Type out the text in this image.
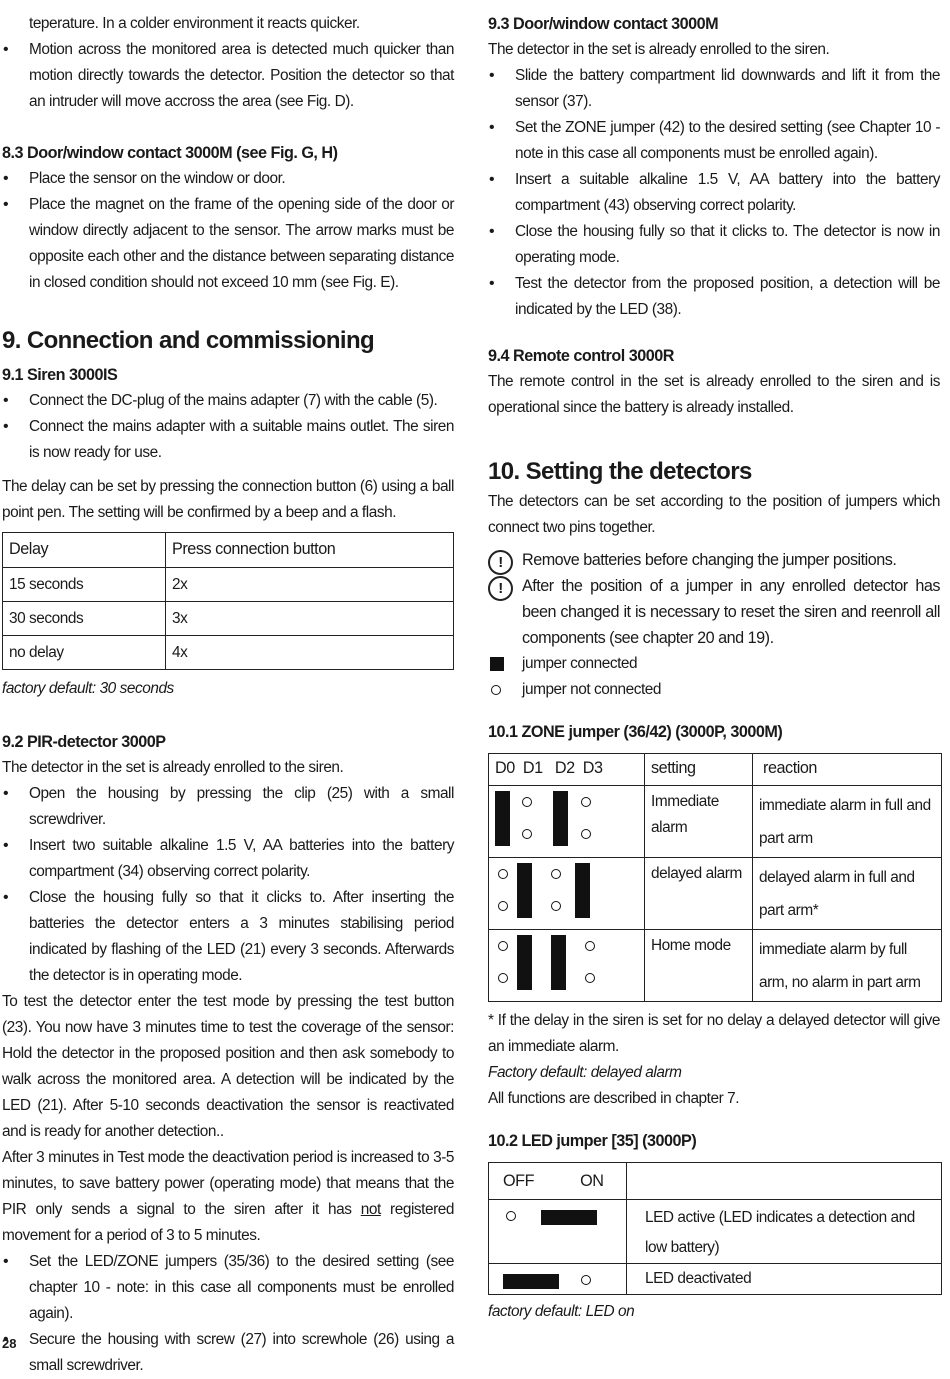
teperature. In a colder environment it reacts quicker.

• Motion across the monitored area is detected much quicker than motion directly towards the detector. Position the detector so that an intruder will move accross the area (see Fig. D).
8.3 Door/window contact 3000M (see Fig. G, H)
• Place the sensor on the window or door.
• Place the magnet on the frame of the opening side of the door or window directly adjacent to the sensor. The arrow marks must be opposite each other and the distance between separating distance in closed condition should not exceed 10 mm (see Fig. E).
9. Connection and commissioning
9.1 Siren 3000IS
• Connect the DC-plug of the mains adapter (7) with the cable (5).
• Connect the mains adapter with a suitable mains outlet. The siren is now ready for use.

The delay can be set by pressing the connection button (6) using a ball point pen. The setting will be confirmed by a beep and a flash.

Delay	Press connection button
15 seconds	2x
30 seconds	3x
no delay	4x

factory default: 30 seconds

9.2 PIR-detector 3000P

The detector in the set is already enrolled to the siren.

• Open the housing by pressing the clip (25) with a small screwdriver.
• Insert two suitable alkaline 1.5 V, AA batteries into the battery compartment (34) observing correct polarity.
• Close the housing fully so that it clicks to. After inserting the batteries the detector enters a 3 minutes stabilising period indicated by flashing of the LED (21) every 3 seconds. Afterwards the detector is in operating mode.

To test the detector enter the test mode by pressing the test button (23). You now have 3 minutes time to test the coverage of the sensor: Hold the detector in the proposed position and then ask somebody to walk across the monitored area. A detection will be indicated by the LED (21). After 5-10 seconds deactivation the sensor is reactivated and is ready for another detection..

After 3 minutes in Test mode the deactivation period is increased to 3-5 minutes, to save battery power (operating mode) that means that the PIR only sends a signal to the siren after it has not registered movement for a period of 3 to 5 minutes.

• Set the LED/ZONE jumpers (35/36) to the desired setting (see chapter 10 - note: in this case all components must be enrolled again).
• Secure the housing with screw (27) into screwhole (26) using a small screwdriver.
9.3 Door/window contact 3000M

The detector in the set is already enrolled to the siren.

• Slide the battery compartment lid downwards and lift it from the sensor (37).
• Set the ZONE jumper (42) to the desired setting (see Chapter 10 - note in this case all components must be enrolled again).
• Insert a suitable alkaline 1.5 V, AA battery into the battery compartment (43) observing correct polarity.
• Close the housing fully so that it clicks to. The detector is now in operating mode.
• Test the detector from the proposed position, a detection will be indicated by the LED (38).
9.4 Remote control 3000R

The remote control in the set is already enrolled to the siren and is operational since the battery is already installed.

10. Setting the detectors

The detectors can be set according to the position of jumpers which connect two pins together.

!	Remove batteries before changing the jumper positions.
!	After the position of a jumper in any enrolled detector has been changed it is necessary to reset the siren and reenroll all components (see chapter 20 and 19).
jumper connected
jumper not connected
10.1 ZONE jumper (36/42) (3000P, 3000M)
D0  D1   D2  D3	setting	reaction

	Immediate alarm	immediate alarm in full and part arm

	delayed alarm	delayed alarm in full and part arm*

	Home mode	immediate alarm by full arm, no alarm in part arm

* If the delay in the siren is set for no delay a delayed detector will give an immediate alarm.

Factory default: delayed alarm

All functions are described in chapter 7.

10.2 LED jumper [35] (3000P)
OFF ON	

	LED active (LED indicates a detection and low battery)

	LED deactivated

factory default: LED on

28
